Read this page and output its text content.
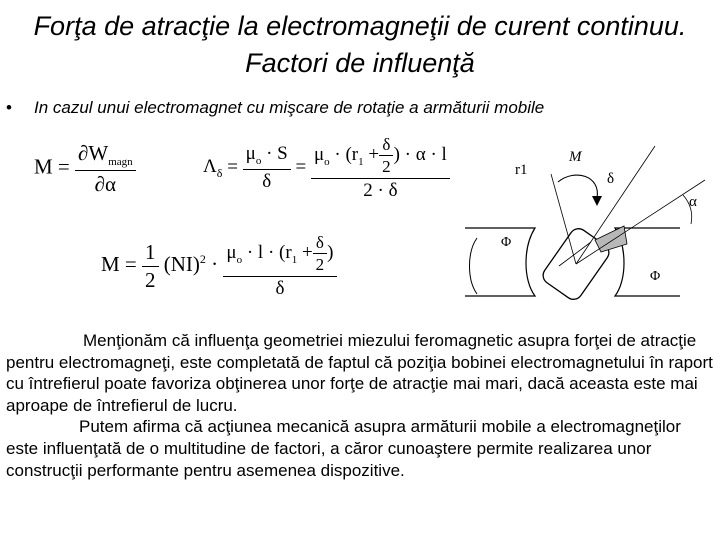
Forţa de atracţie la electromagneţii de curent continuu. Factori de influenţă
• In cazul unui electromagnet cu mişcare de rotaţie a armăturii mobile
$M = \frac{\partial W_{magn}}{\partial\alpha}$	$\Lambda_\delta = \frac{\mu_o \cdot S}{\delta} = \frac{\mu_o \cdot (r_1 + \frac{\delta}{2} ) \cdot \alpha \cdot l}{2 \cdot \delta}$
$M = \frac{1}{2} (NI)^2 \cdot \frac{\mu_o \cdot l \cdot (r_1 + \frac{\delta}{2} )}{\delta}$
r1
M
δ
α
Φ
Φ

Menţionăm că influenţa geometriei miezului feromagnetic asupra forţei de atracţie pentru electromagneţi, este completată de faptul că poziţia bobinei electromagnetului în raport cu întrefierul poate favoriza obţinerea unor forţe de atracţie mai mari, dacă aceasta este mai aproape de întrefierul de lucru.

Putem afirma că acţiunea mecanică asupra armăturii mobile a electromagneţilor este influenţată de o multitudine de factori, a căror cunoaştere permite realizarea unor construcţii performante pentru asemenea dispozitive.
